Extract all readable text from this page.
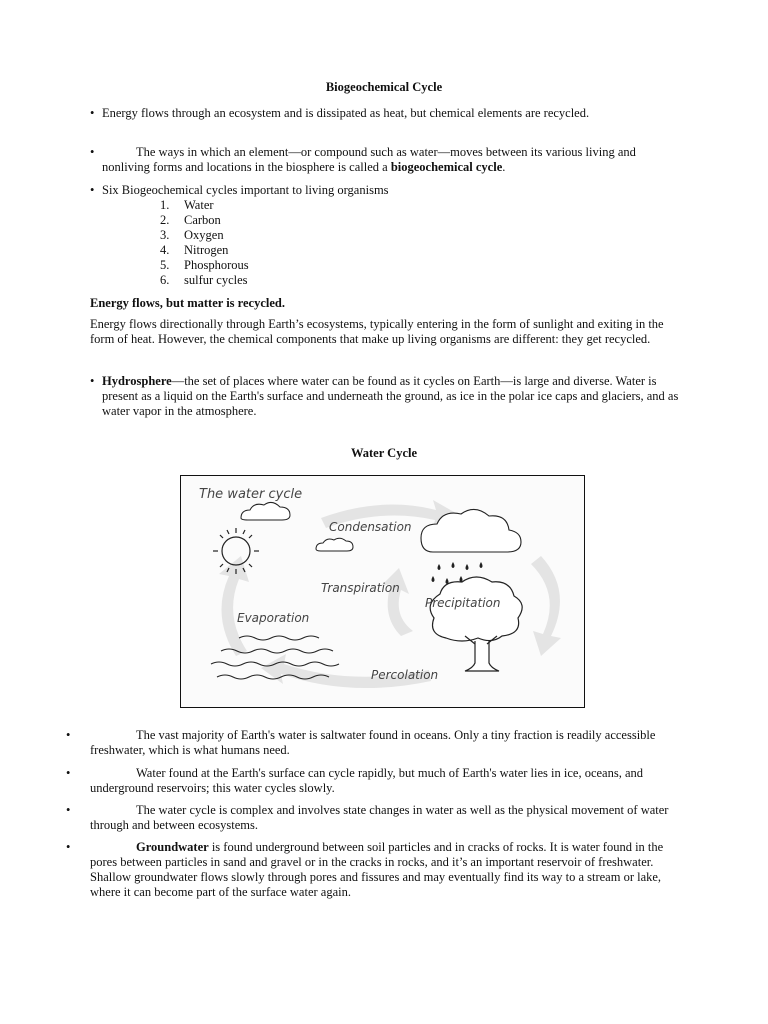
Biogeochemical Cycle
• Energy flows through an ecosystem and is dissipated as heat, but chemical elements are recycled.
•	The ways in which an element—or compound such as water—moves between its various living and nonliving forms and locations in the biosphere is called a biogeochemical cycle.
• Six Biogeochemical cycles important to living organisms
1.	Water
2.	Carbon
3.	Oxygen
4.	Nitrogen
5.	Phosphorous
6.	sulfur cycles
Energy flows, but matter is recycled.
Energy flows directionally through Earth’s ecosystems, typically entering in the form of sunlight and exiting in the form of heat. However, the chemical components that make up living organisms are different: they get recycled.
• Hydrosphere—the set of places where water can be found as it cycles on Earth—is large and diverse. Water is present as a liquid on the Earth's surface and underneath the ground, as ice in the polar ice caps and glaciers, and as water vapor in the atmosphere.
Water Cycle
The water cycle
Condensation
Transpiration
Precipitation
Evaporation
Percolation
•	The vast majority of Earth's water is saltwater found in oceans. Only a tiny fraction is readily accessible freshwater, which is what humans need.
•	Water found at the Earth's surface can cycle rapidly, but much of Earth's water lies in ice, oceans, and underground reservoirs; this water cycles slowly.
•	The water cycle is complex and involves state changes in water as well as the physical movement of water through and between ecosystems.
•	Groundwater is found underground between soil particles and in cracks of rocks. It is water found in the pores between particles in sand and gravel or in the cracks in rocks, and it’s an important reservoir of freshwater. Shallow groundwater flows slowly through pores and fissures and may eventually find its way to a stream or lake, where it can become part of the surface water again.
